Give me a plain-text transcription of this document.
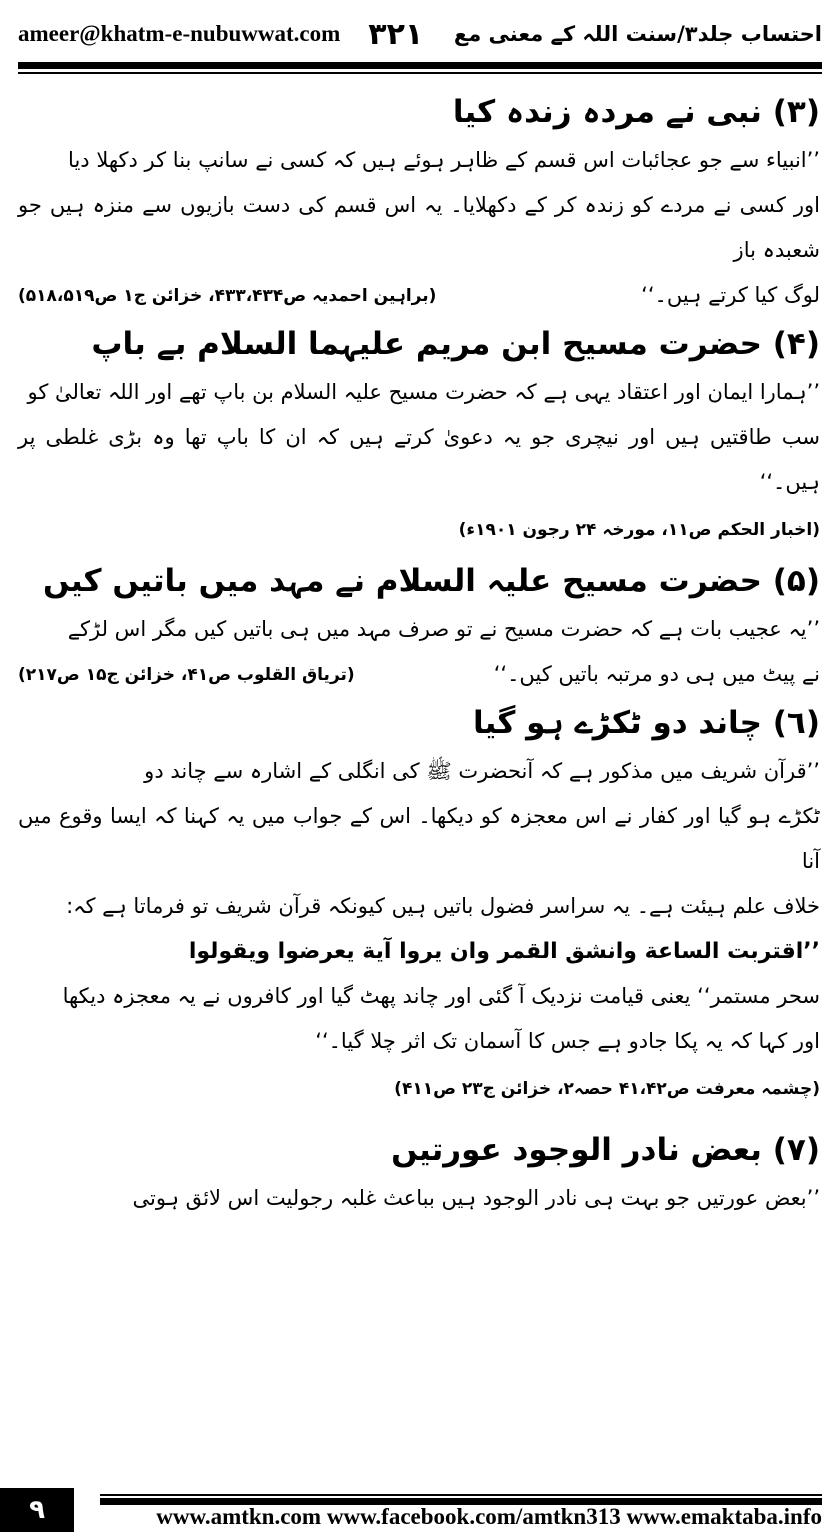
ameer@khatm-e-nubuwwat.com ٣٢١ احتساب جلد۳/سنت اللہ کے معنی مع
(٣) نبی نے مردہ زندہ کیا

’’انبیاء سے جو عجائبات اس قسم کے ظاہر ہوئے ہیں کہ کسی نے سانپ بنا کر دکھلا دیا

اور کسی نے مردے کو زندہ کر کے دکھلایا۔ یہ اس قسم کی دست بازیوں سے منزہ ہیں جو شعبدہ باز

لوگ کیا کرتے ہیں۔‘‘
(براہین احمدیہ ص۴۳۳،۴۳۴، خزائن ج۱ ص۵۱۸،۵۱۹)
(۴) حضرت مسیح ابن مریم علیہما السلام بے باپ

’’ہمارا ایمان اور اعتقاد یہی ہے کہ حضرت مسیح علیہ السلام بن باپ تھے اور اللہ تعالیٰ کو

سب طاقتیں ہیں اور نیچری جو یہ دعویٰ کرتے ہیں کہ ان کا باپ تھا وہ بڑی غلطی پر ہیں۔‘‘

(اخبار الحکم ص۱۱، مورخہ ۲۴ رجون ۱۹۰۱ء)

(۵) حضرت مسیح علیہ السلام نے مہد میں باتیں کیں

’’یہ عجیب بات ہے کہ حضرت مسیح نے تو صرف مہد میں ہی باتیں کیں مگر اس لڑکے

نے پیٹ میں ہی دو مرتبہ باتیں کیں۔‘‘
(تریاق القلوب ص۴۱، خزائن ج۱۵ ص۲۱۷)
(٦) چاند دو ٹکڑے ہو گیا

’’قرآن شریف میں مذکور ہے کہ آنحضرت ﷺ کی انگلی کے اشارہ سے چاند دو

ٹکڑے ہو گیا اور کفار نے اس معجزہ کو دیکھا۔ اس کے جواب میں یہ کہنا کہ ایسا وقوع میں آنا

خلاف علم ہیئت ہے۔ یہ سراسر فضول باتیں ہیں کیونکہ قرآن شریف تو فرماتا ہے کہ:

’’اقتربت الساعة وانشق القمر وان یروا آیة یعرضوا ویقولوا

سحر مستمر‘‘ یعنی قیامت نزدیک آ گئی اور چاند پھٹ گیا اور کافروں نے یہ معجزہ دیکھا

اور کہا کہ یہ پکا جادو ہے جس کا آسمان تک اثر چلا گیا۔‘‘

(چشمہ معرفت ص۴۱،۴۲ حصہ۲، خزائن ج۲۳ ص۴۱۱)

(۷) بعض نادر الوجود عورتیں

’’بعض عورتیں جو بہت ہی نادر الوجود ہیں بباعث غلبہ رجولیت اس لائق ہوتی

٩	www.amtkn.com www.facebook.com/amtkn313 www.emaktaba.info
